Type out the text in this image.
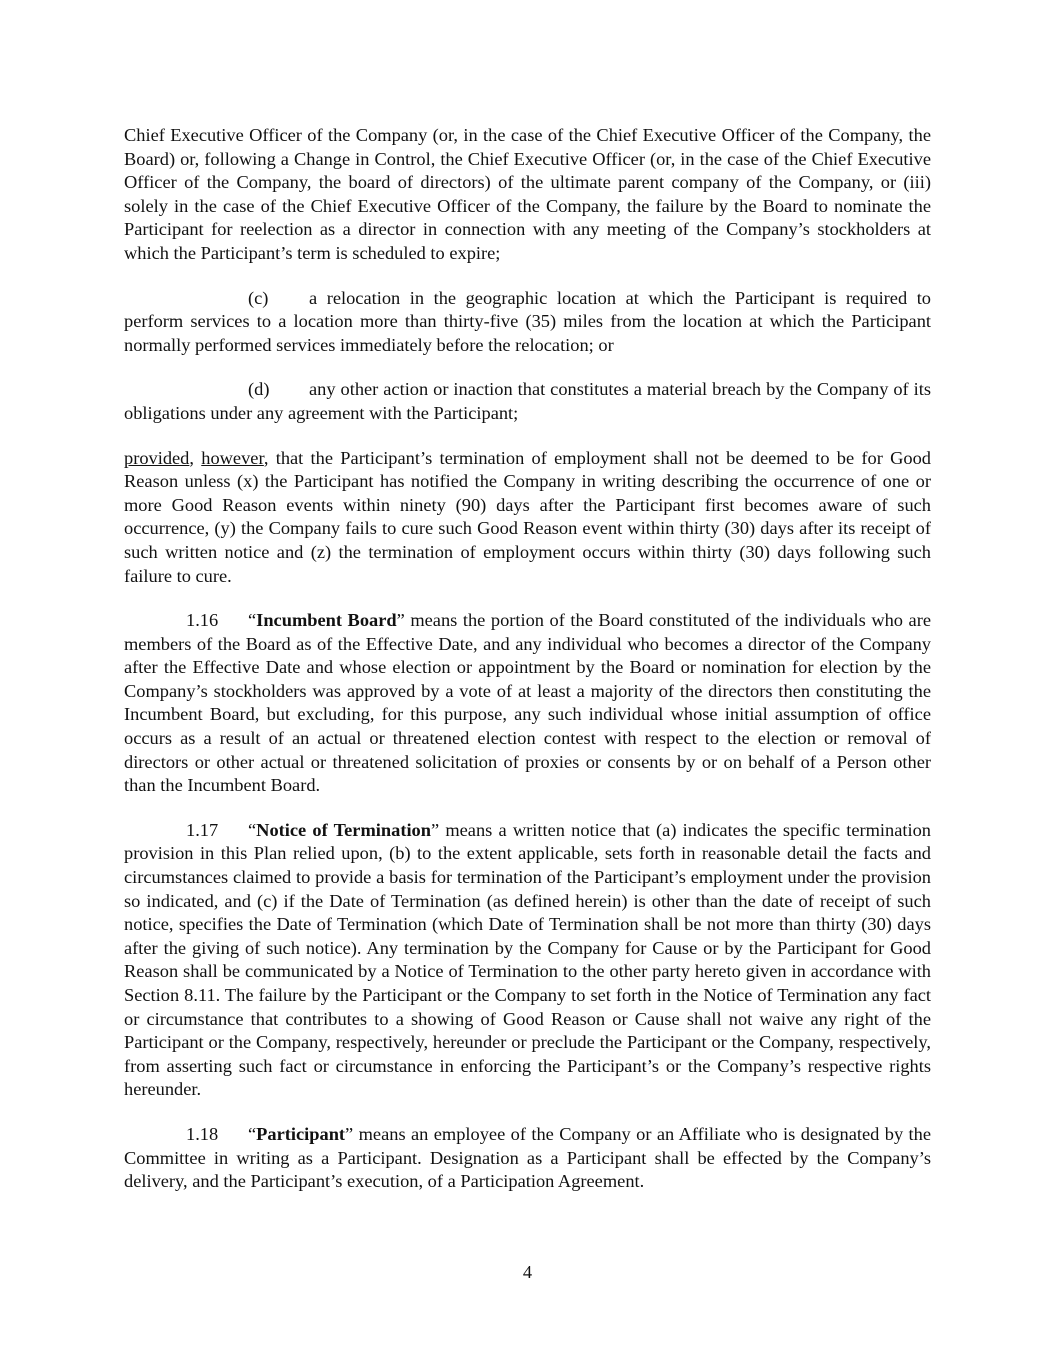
Chief Executive Officer of the Company (or, in the case of the Chief Executive Officer of the Company, the Board) or, following a Change in Control, the Chief Executive Officer (or, in the case of the Chief Executive Officer of the Company, the board of directors) of the ultimate parent company of the Company, or (iii) solely in the case of the Chief Executive Officer of the Company, the failure by the Board to nominate the Participant for reelection as a director in connection with any meeting of the Company’s stockholders at which the Participant’s term is scheduled to expire;

(c) a relocation in the geographic location at which the Participant is required to perform services to a location more than thirty-five (35) miles from the location at which the Participant normally performed services immediately before the relocation; or

(d) any other action or inaction that constitutes a material breach by the Company of its obligations under any agreement with the Participant;

provided, however, that the Participant’s termination of employment shall not be deemed to be for Good Reason unless (x) the Participant has notified the Company in writing describing the occurrence of one or more Good Reason events within ninety (90) days after the Participant first becomes aware of such occurrence, (y) the Company fails to cure such Good Reason event within thirty (30) days after its receipt of such written notice and (z) the termination of employment occurs within thirty (30) days following such failure to cure.

1.16 “Incumbent Board” means the portion of the Board constituted of the individuals who are members of the Board as of the Effective Date, and any individual who becomes a director of the Company after the Effective Date and whose election or appointment by the Board or nomination for election by the Company’s stockholders was approved by a vote of at least a majority of the directors then constituting the Incumbent Board, but excluding, for this purpose, any such individual whose initial assumption of office occurs as a result of an actual or threatened election contest with respect to the election or removal of directors or other actual or threatened solicitation of proxies or consents by or on behalf of a Person other than the Incumbent Board.

1.17 “Notice of Termination” means a written notice that (a) indicates the specific termination provision in this Plan relied upon, (b) to the extent applicable, sets forth in reasonable detail the facts and circumstances claimed to provide a basis for termination of the Participant’s employment under the provision so indicated, and (c) if the Date of Termination (as defined herein) is other than the date of receipt of such notice, specifies the Date of Termination (which Date of Termination shall be not more than thirty (30) days after the giving of such notice). Any termination by the Company for Cause or by the Participant for Good Reason shall be communicated by a Notice of Termination to the other party hereto given in accordance with Section 8.11. The failure by the Participant or the Company to set forth in the Notice of Termination any fact or circumstance that contributes to a showing of Good Reason or Cause shall not waive any right of the Participant or the Company, respectively, hereunder or preclude the Participant or the Company, respectively, from asserting such fact or circumstance in enforcing the Participant’s or the Company’s respective rights hereunder.

1.18 “Participant” means an employee of the Company or an Affiliate who is designated by the Committee in writing as a Participant. Designation as a Participant shall be effected by the Company’s delivery, and the Participant’s execution, of a Participation Agreement.

4
